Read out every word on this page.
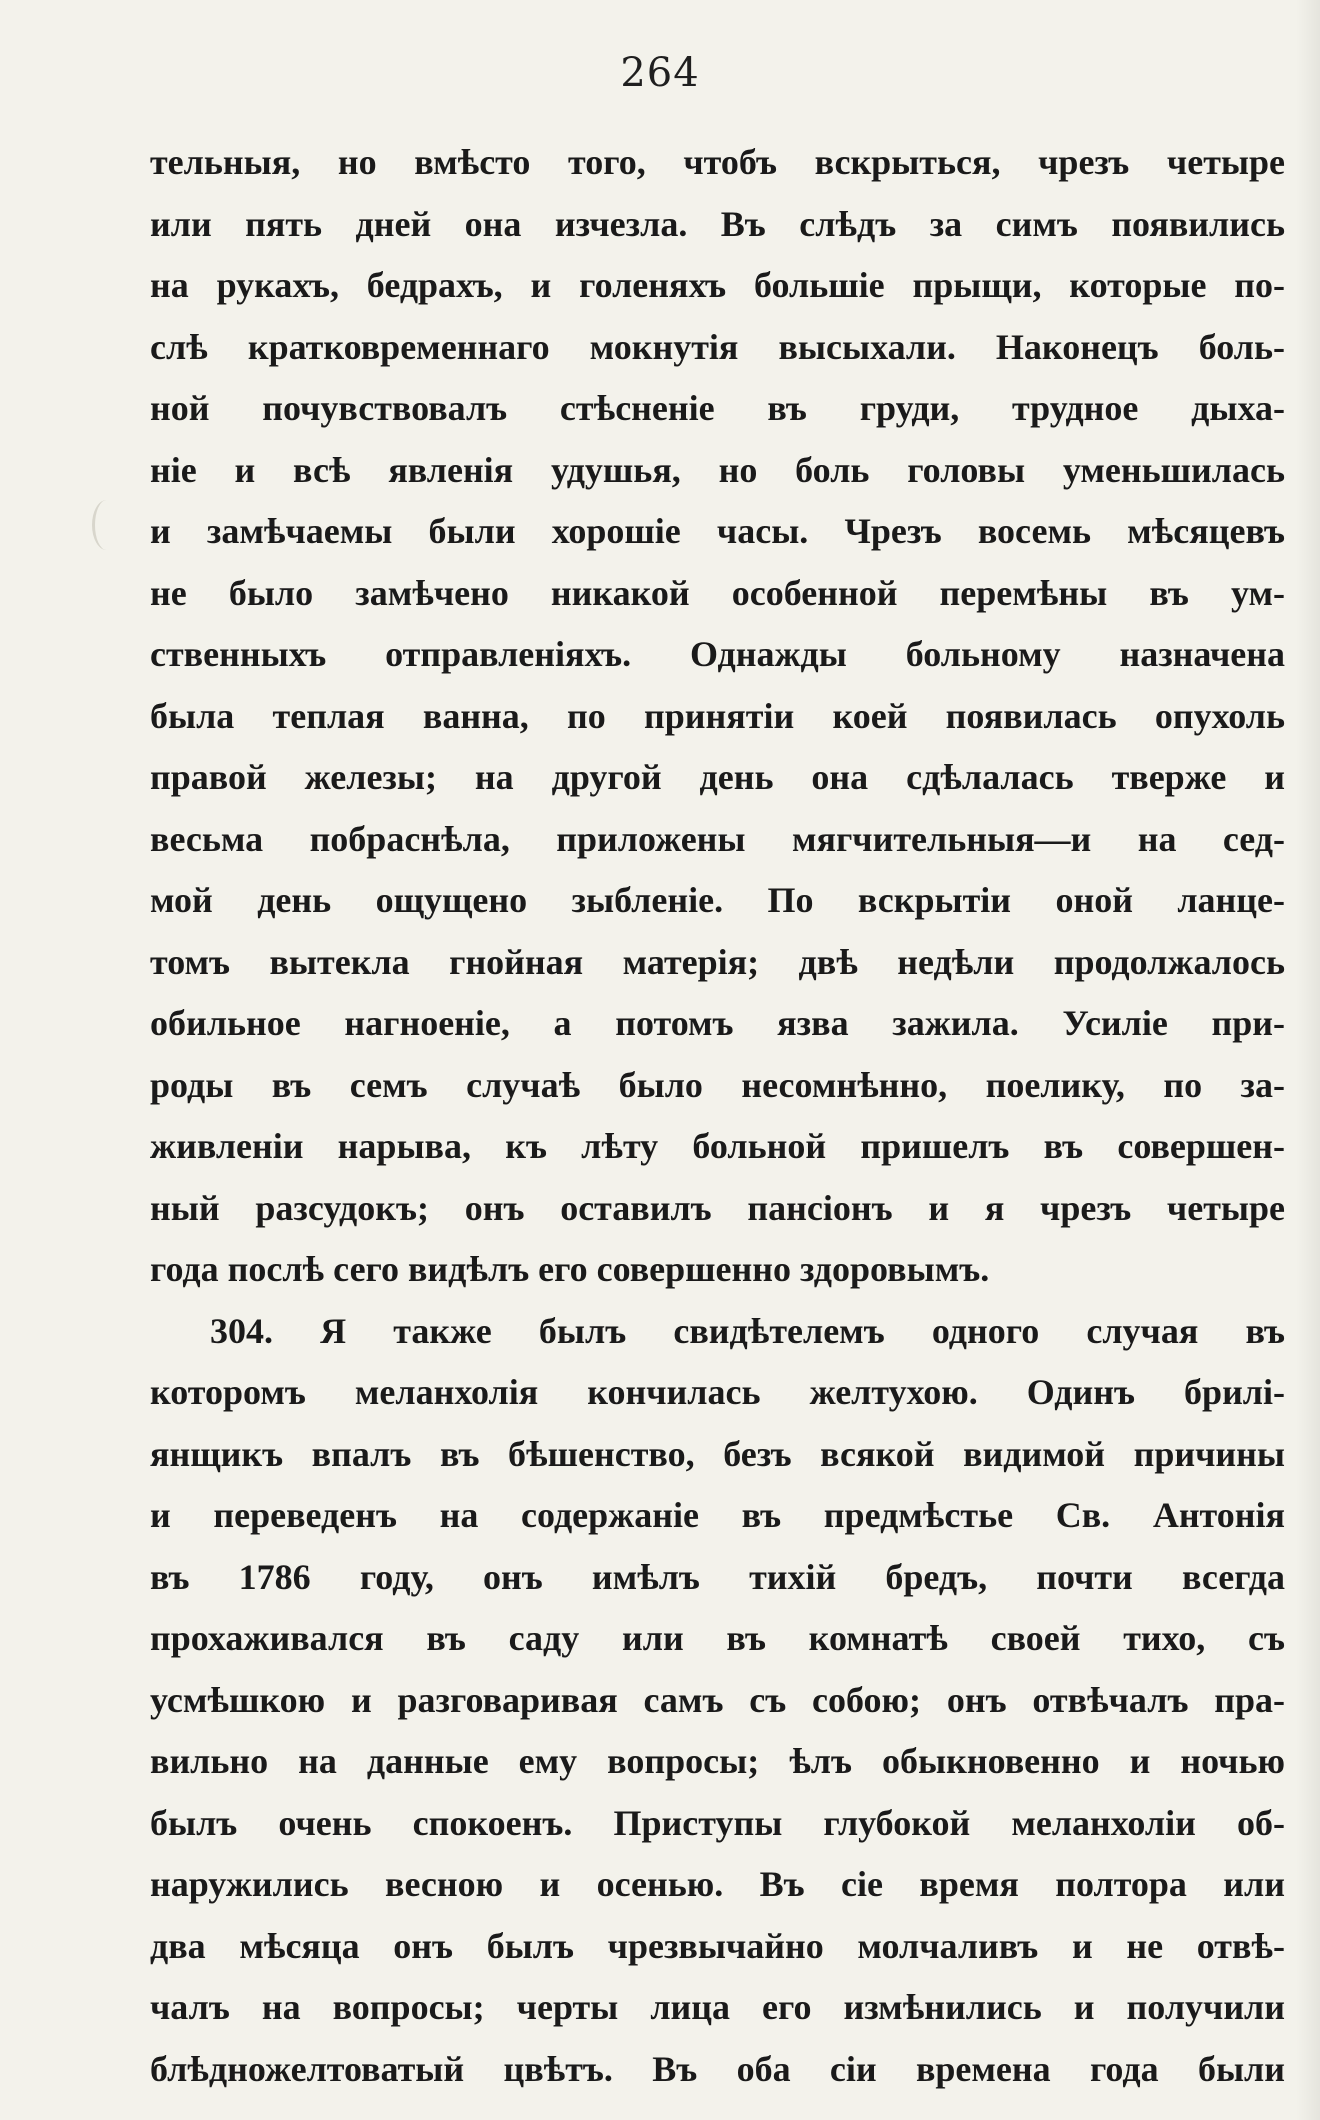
264
тельныя, но вмѣсто того, чтобъ вскрыться, чрезъ четыре
или пять дней она изчезла. Въ слѣдъ за симъ появились
на рукахъ, бедрахъ, и голеняхъ большіе прыщи, которые по-
слѣ кратковременнаго мокнутія высыхали. Наконецъ боль-
ной почувствовалъ стѣсненіе въ груди, трудное дыха-
ніе и всѣ явленія удушья, но боль головы уменьшилась
и замѣчаемы были хорошіе часы. Чрезъ восемь мѣсяцевъ
не было замѣчено никакой особенной перемѣны въ ум-
ственныхъ отправленіяхъ. Однажды больному назначена
была теплая ванна, по принятіи коей появилась опухоль
правой железы; на другой день она сдѣлалась тверже и
весьма побраснѣла, приложены мягчительныя—и на сед-
мой день ощущено зыбленіе. По вскрытіи оной ланце-
томъ вытекла гнойная матерія; двѣ недѣли продолжалось
обильное нагноеніе, а потомъ язва зажила. Усиліе при-
роды въ семъ случаѣ было несомнѣнно, поелику, по за-
живленіи нарыва, къ лѣту больной пришелъ въ совершен-
ный разсудокъ; онъ оставилъ пансіонъ и я чрезъ четыре
года послѣ сего видѣлъ его совершенно здоровымъ.
304. Я также былъ свидѣтелемъ одного случая въ
которомъ меланхолія кончилась желтухою. Одинъ брилі-
янщикъ впалъ въ бѣшенство, безъ всякой видимой причины
и переведенъ на содержаніе въ предмѣстье Св. Антонія
въ 1786 году, онъ имѣлъ тихій бредъ, почти всегда
прохаживался въ саду или въ комнатѣ своей тихо, съ
усмѣшкою и разговаривая самъ съ собою; онъ отвѣчалъ пра-
вильно на данные ему вопросы; ѣлъ обыкновенно и ночью
былъ очень спокоенъ. Приступы глубокой меланхоліи об-
наружились весною и осенью. Въ сіе время полтора или
два мѣсяца онъ былъ чрезвычайно молчаливъ и не отвѣ-
чалъ на вопросы; черты лица его измѣнились и получили
блѣдножелтоватый цвѣтъ. Въ оба сіи времена года были
